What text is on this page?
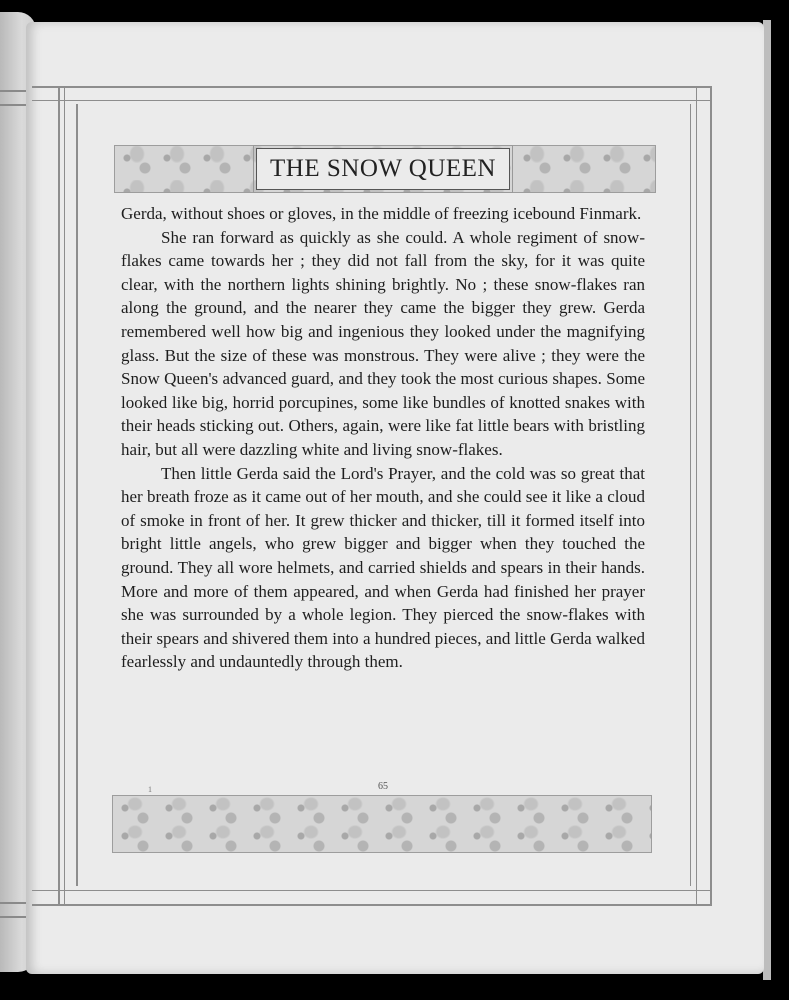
THE SNOW QUEEN

Gerda, without shoes or gloves, in the middle of freezing icebound Finmark.

She ran forward as quickly as she could. A whole regiment of snow-flakes came towards her ; they did not fall from the sky, for it was quite clear, with the northern lights shining brightly. No ; these snow-flakes ran along the ground, and the nearer they came the bigger they grew. Gerda remembered well how big and ingenious they looked under the magnifying glass. But the size of these was monstrous. They were alive ; they were the Snow Queen's advanced guard, and they took the most curious shapes. Some looked like big, horrid porcupines, some like bundles of knotted snakes with their heads sticking out. Others, again, were like fat little bears with bristling hair, but all were dazzling white and living snow-flakes.

Then little Gerda said the Lord's Prayer, and the cold was so great that her breath froze as it came out of her mouth, and she could see it like a cloud of smoke in front of her. It grew thicker and thicker, till it formed itself into bright little angels, who grew bigger and bigger when they touched the ground. They all wore helmets, and carried shields and spears in their hands. More and more of them appeared, and when Gerda had finished her prayer she was surrounded by a whole legion. They pierced the snow-flakes with their spears and shivered them into a hundred pieces, and little Gerda walked fearlessly and undauntedly through them.

1	65
